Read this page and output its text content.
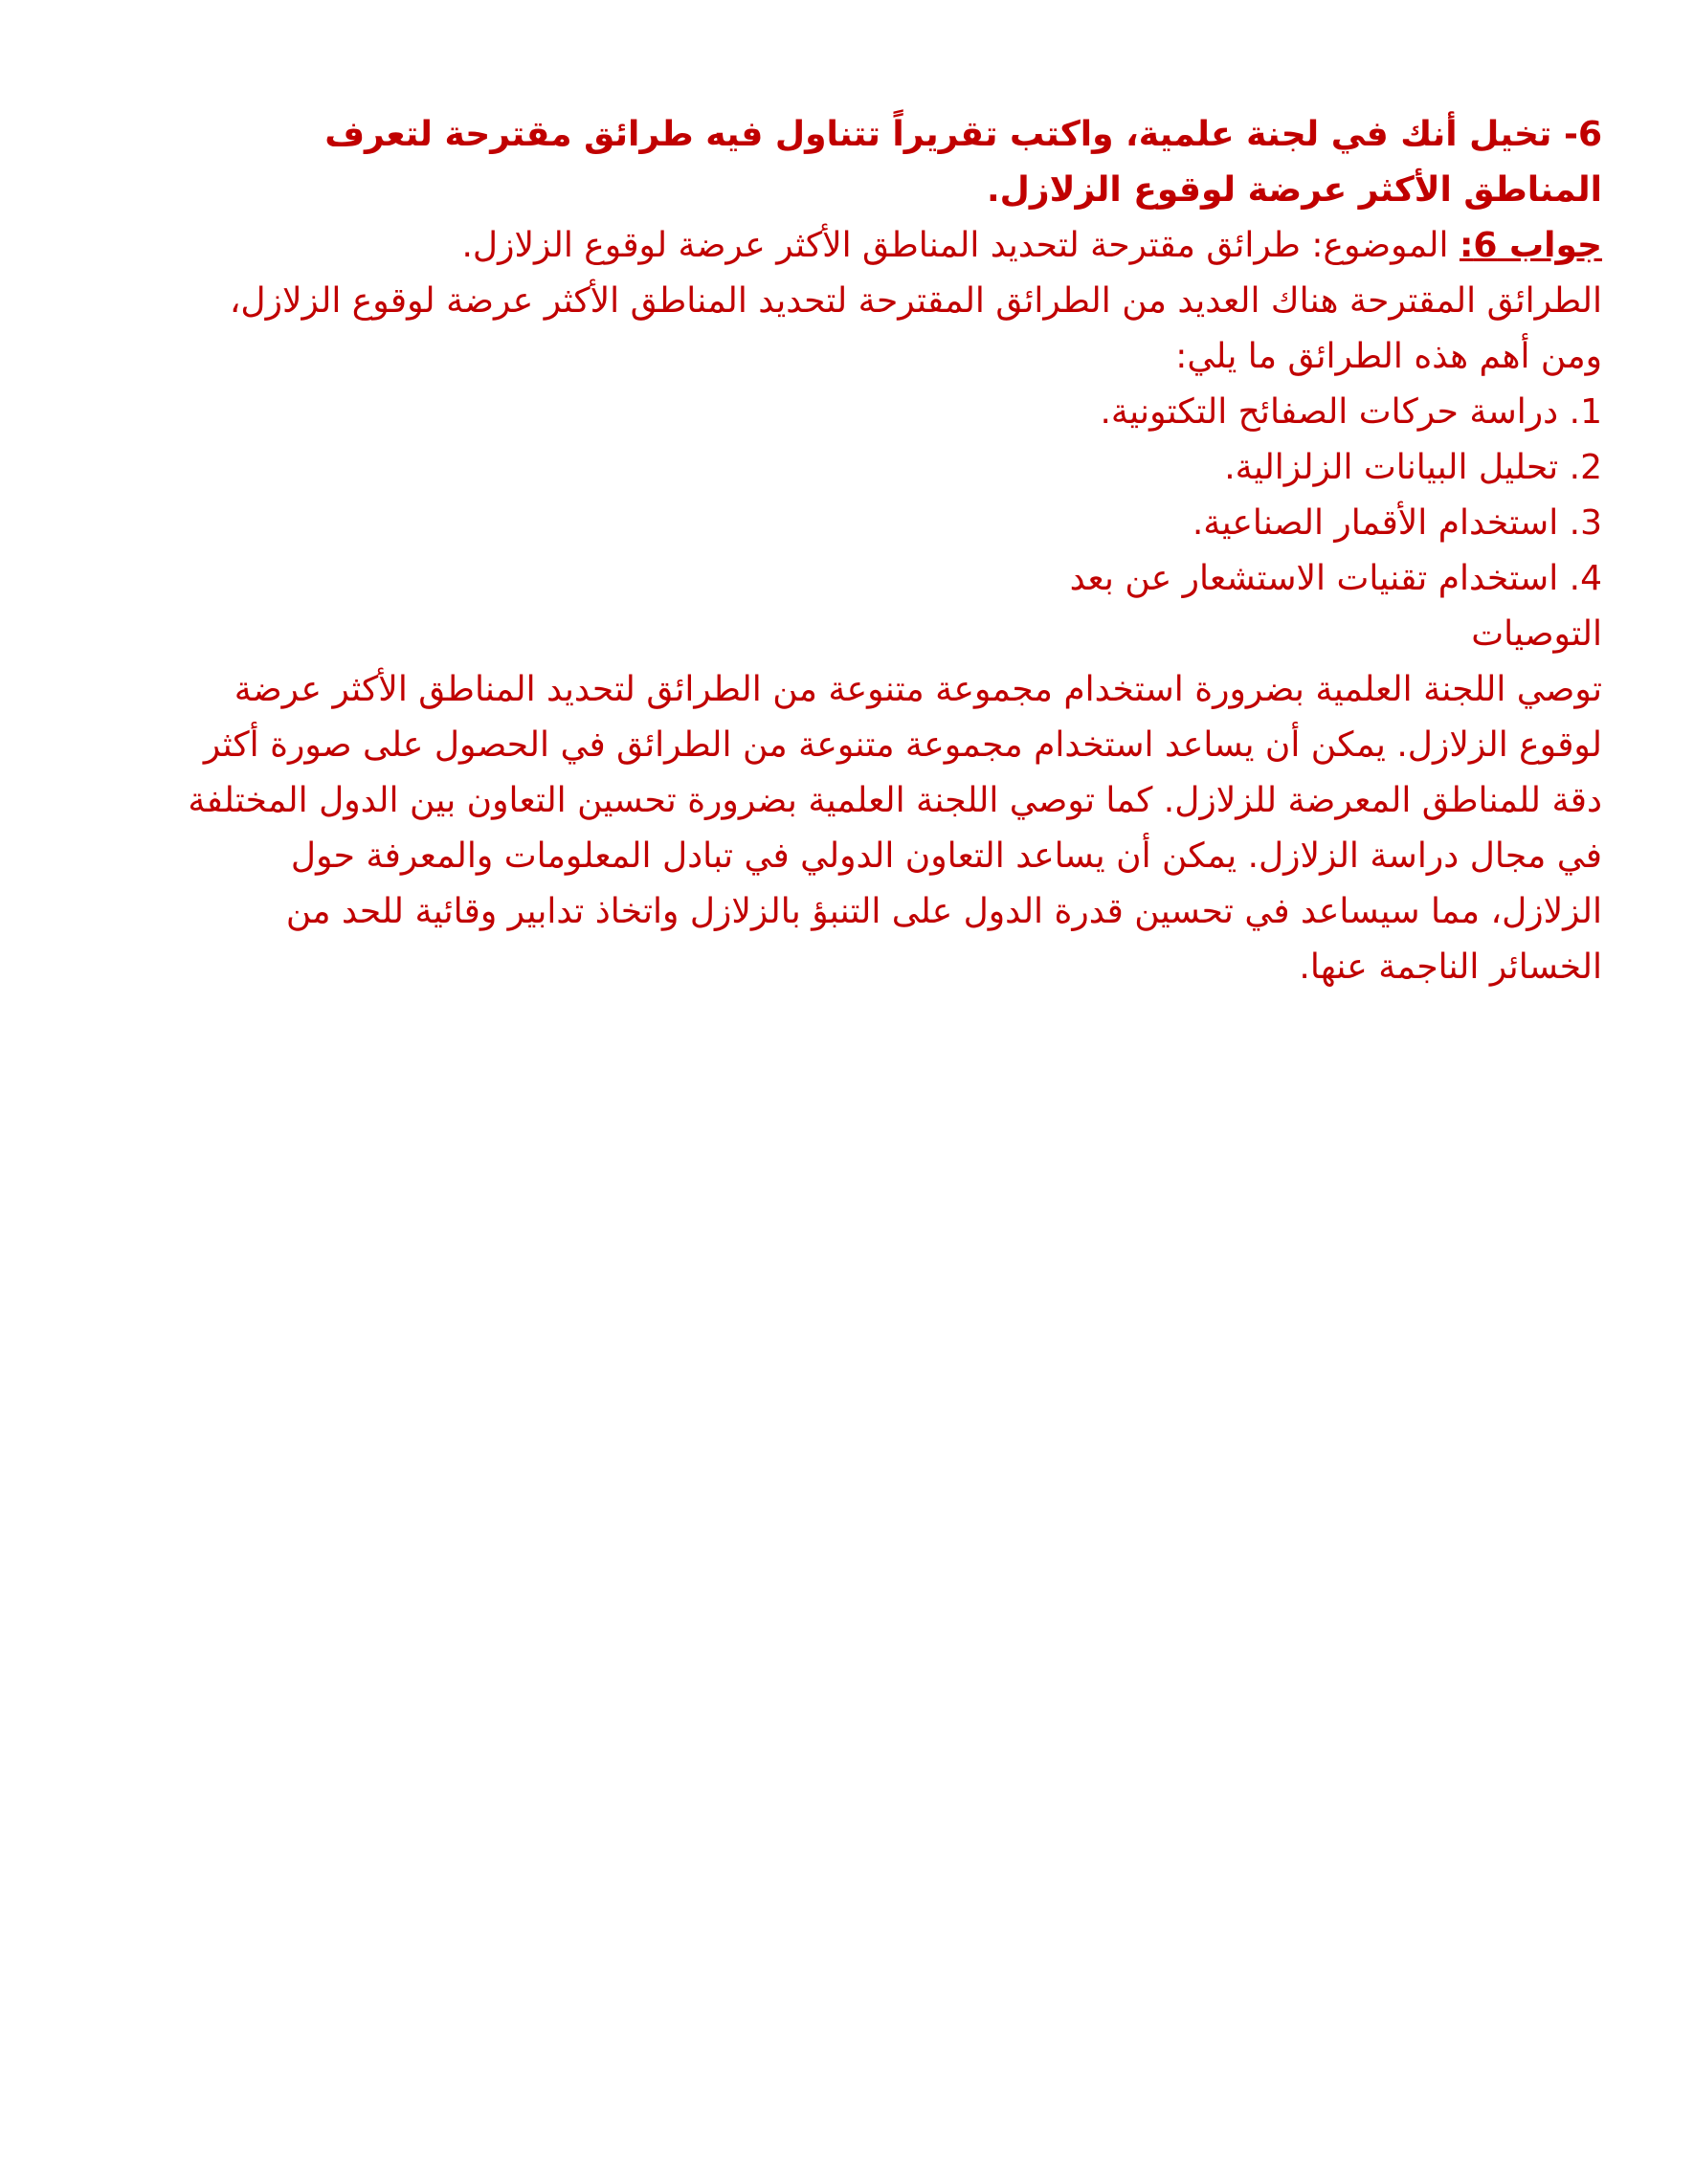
6- تخيل أنك في لجنة علمية، واكتب تقريراً تتناول فيه طرائق مقترحة لتعرف المناطق الأكثر عرضة لوقوع الزلازل.

جواب 6: الموضوع: طرائق مقترحة لتحديد المناطق الأكثر عرضة لوقوع الزلازل.

الطرائق المقترحة هناك العديد من الطرائق المقترحة لتحديد المناطق الأكثر عرضة لوقوع الزلازل، ومن أهم هذه الطرائق ما يلي:

1. دراسة حركات الصفائح التكتونية.
2. تحليل البيانات الزلزالية.
3. استخدام الأقمار الصناعية.
4. استخدام تقنيات الاستشعار عن بعد

التوصيات

توصي اللجنة العلمية بضرورة استخدام مجموعة متنوعة من الطرائق لتحديد المناطق الأكثر عرضة لوقوع الزلازل. يمكن أن يساعد استخدام مجموعة متنوعة من الطرائق في الحصول على صورة أكثر دقة للمناطق المعرضة للزلازل. كما توصي اللجنة العلمية بضرورة تحسين التعاون بين الدول المختلفة في مجال دراسة الزلازل. يمكن أن يساعد التعاون الدولي في تبادل المعلومات والمعرفة حول الزلازل، مما سيساعد في تحسين قدرة الدول على التنبؤ بالزلازل واتخاذ تدابير وقائية للحد من الخسائر الناجمة عنها.
